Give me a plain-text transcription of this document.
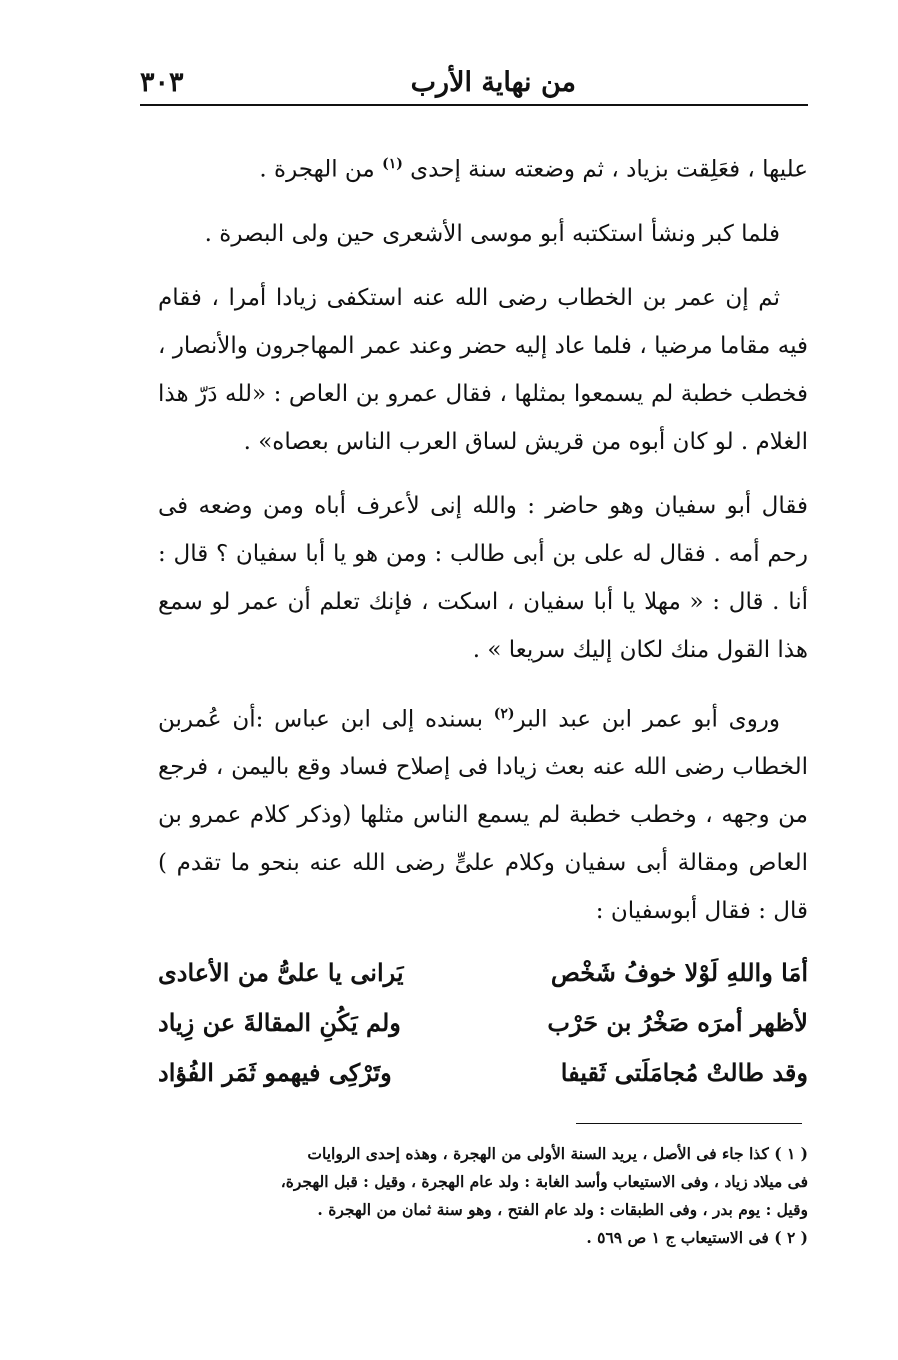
من نهاية الأرب
٣٠٣

عليها ، فعَلِقت بزياد ، ثم وضعته سنة إحدى $^{(١)}$ من الهجرة .

فلما كبر ونشأ استكتبه أبو موسى الأشعرى حين ولى البصرة .

ثم إن عمر بن الخطاب رضى الله عنه استكفى زيادا أمرا ، فقام فيه مقاما مرضيا ، فلما عاد إليه حضر وعند عمر المهاجرون والأنصار ، فخطب خطبة لم يسمعوا بمثلها ، فقال عمرو بن العاص : «لله دَرّ هذا الغلام . لو كان أبوه من قريش لساق العرب الناس بعصاه» .

فقال أبو سفيان وهو حاضر : والله إنى لأعرف أباه ومن وضعه فى رحم أمه . فقال له على بن أبى طالب : ومن هو يا أبا سفيان ؟ قال : أنا . قال : « مهلا يا أبا سفيان ، اسكت ، فإنك تعلم أن عمر لو سمع هذا القول منك لكان إليك سريعا » .

وروى أبو عمر ابن عبد البر$^{(٢)}$ بسنده إلى ابن عباس :أن عُمربن الخطاب رضى الله عنه بعث زيادا فى إصلاح فساد وقع باليمن ، فرجع من وجهه ، وخطب خطبة لم يسمع الناس مثلها (وذكر كلام عمرو بن العاص ومقالة أبى سفيان وكلام علىٍّ رضى الله عنه بنحو ما تقدم ) قال : فقال أبوسفيان :

أمَا واللهِ لَوْلا خوفُ شَخْص
يَرانى يا علىُّ من الأعادى
لأظهر أمرَه صَخْرُ بن حَرْب
ولم يَكُنِ المقالةَ عن زِياد
وقد طالتْ مُجامَلَتى ثَقيفا
وتَرْكِى فيهمو ثَمَر الفُؤاد

( ١ ) كذا جاء فى الأصل ، يريد السنة الأولى من الهجرة ، وهذه إحدى الروايات

فى ميلاد زياد ، وفى الاستيعاب وأسد الغابة : ولد عام الهجرة ، وقيل : قبل الهجرة،

وقيل : يوم بدر ، وفى الطبقات : ولد عام الفتح ، وهو سنة ثمان من الهجرة .

( ٢ ) فى الاستيعاب ج ١ ص ٥٦٩ .
